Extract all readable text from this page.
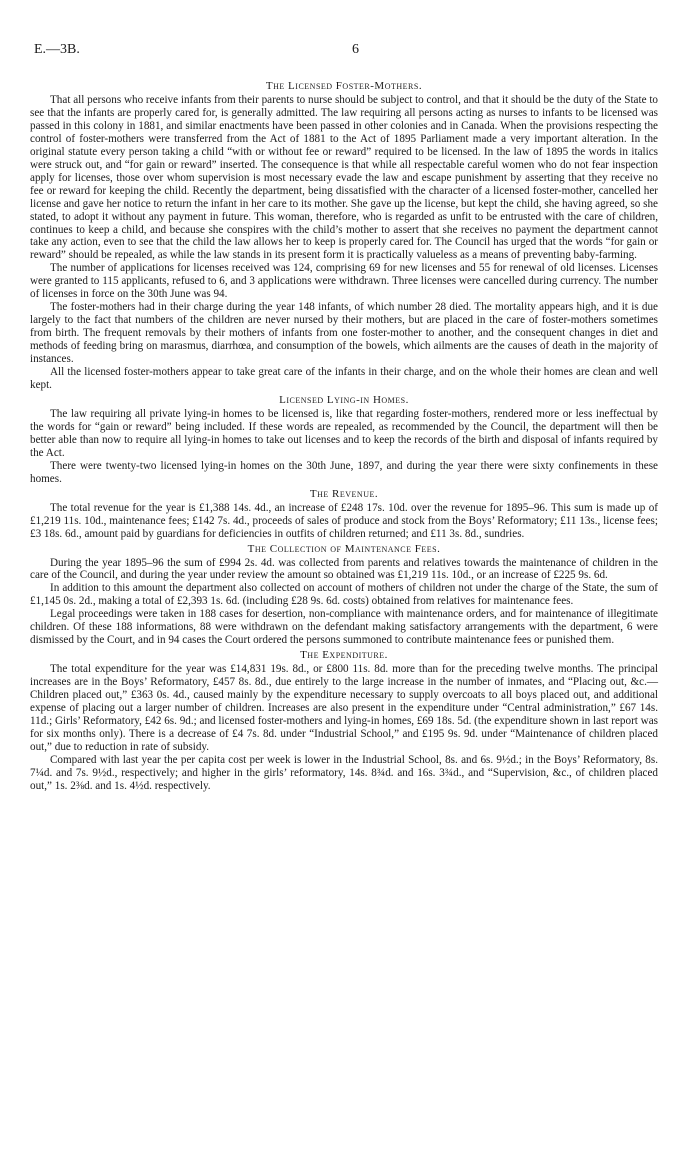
E.—3B.	6
The Licensed Foster-Mothers.

That all persons who receive infants from their parents to nurse should be subject to control, and that it should be the duty of the State to see that the infants are properly cared for, is generally admitted. The law requiring all persons acting as nurses to infants to be licensed was passed in this colony in 1881, and similar enactments have been passed in other colonies and in Canada. When the provisions respecting the control of foster-mothers were transferred from the Act of 1881 to the Act of 1895 Parliament made a very important alteration. In the original statute every person taking a child “with or without fee or reward” required to be licensed. In the law of 1895 the words in italics were struck out, and “for gain or reward” inserted. The consequence is that while all respectable careful women who do not fear inspection apply for licenses, those over whom supervision is most necessary evade the law and escape punishment by asserting that they receive no fee or reward for keeping the child. Recently the department, being dissatisfied with the character of a licensed foster-mother, cancelled her license and gave her notice to return the infant in her care to its mother. She gave up the license, but kept the child, she having agreed, so she stated, to adopt it without any payment in future. This woman, therefore, who is regarded as unfit to be entrusted with the care of children, continues to keep a child, and because she conspires with the child’s mother to assert that she receives no payment the department cannot take any action, even to see that the child the law allows her to keep is properly cared for. The Council has urged that the words “for gain or reward” should be repealed, as while the law stands in its present form it is practically valueless as a means of preventing baby-farming.

The number of applications for licenses received was 124, comprising 69 for new licenses and 55 for renewal of old licenses. Licenses were granted to 115 applicants, refused to 6, and 3 applications were withdrawn. Three licenses were cancelled during currency. The number of licenses in force on the 30th June was 94.

The foster-mothers had in their charge during the year 148 infants, of which number 28 died. The mortality appears high, and it is due largely to the fact that numbers of the children are never nursed by their mothers, but are placed in the care of foster-mothers sometimes from birth. The frequent removals by their mothers of infants from one foster-mother to another, and the consequent changes in diet and methods of feeding bring on marasmus, diarrhœa, and consumption of the bowels, which ailments are the causes of death in the majority of instances.

All the licensed foster-mothers appear to take great care of the infants in their charge, and on the whole their homes are clean and well kept.

Licensed Lying-in Homes.

The law requiring all private lying-in homes to be licensed is, like that regarding foster-mothers, rendered more or less ineffectual by the words for “gain or reward” being included. If these words are repealed, as recommended by the Council, the department will then be better able than now to require all lying-in homes to take out licenses and to keep the records of the birth and disposal of infants required by the Act.

There were twenty-two licensed lying-in homes on the 30th June, 1897, and during the year there were sixty confinements in these homes.

The Revenue.

The total revenue for the year is £1,388 14s. 4d., an increase of £248 17s. 10d. over the revenue for 1895–96. This sum is made up of £1,219 11s. 10d., maintenance fees; £142 7s. 4d., proceeds of sales of produce and stock from the Boys’ Reformatory; £11 13s., license fees; £3 18s. 6d., amount paid by guardians for deficiencies in outfits of children returned; and £11 3s. 8d., sundries.

The Collection of Maintenance Fees.

During the year 1895–96 the sum of £994 2s. 4d. was collected from parents and relatives towards the maintenance of children in the care of the Council, and during the year under review the amount so obtained was £1,219 11s. 10d., or an increase of £225 9s. 6d.

In addition to this amount the department also collected on account of mothers of children not under the charge of the State, the sum of £1,145 0s. 2d., making a total of £2,393 1s. 6d. (including £28 9s. 6d. costs) obtained from relatives for maintenance fees.

Legal proceedings were taken in 188 cases for desertion, non-compliance with maintenance orders, and for maintenance of illegitimate children. Of these 188 informations, 88 were withdrawn on the defendant making satisfactory arrangements with the department, 6 were dismissed by the Court, and in 94 cases the Court ordered the persons summoned to contribute maintenance fees or punished them.

The Expenditure.

The total expenditure for the year was £14,831 19s. 8d., or £800 11s. 8d. more than for the preceding twelve months. The principal increases are in the Boys’ Reformatory, £457 8s. 8d., due entirely to the large increase in the number of inmates, and “Placing out, &c.—Children placed out,” £363 0s. 4d., caused mainly by the expenditure necessary to supply overcoats to all boys placed out, and additional expense of placing out a larger number of children. Increases are also present in the expenditure under “Central administration,” £67 14s. 11d.; Girls’ Reformatory, £42 6s. 9d.; and licensed foster-mothers and lying-in homes, £69 18s. 5d. (the expenditure shown in last report was for six months only). There is a decrease of £4 7s. 8d. under “Industrial School,” and £195 9s. 9d. under “Maintenance of children placed out,” due to reduction in rate of subsidy.

Compared with last year the per capita cost per week is lower in the Industrial School, 8s. and 6s. 9½d.; in the Boys’ Reformatory, 8s. 7¼d. and 7s. 9½d., respectively; and higher in the girls’ reformatory, 14s. 8¾d. and 16s. 3¾d., and “Supervision, &c., of children placed out,” 1s. 2⅜d. and 1s. 4½d. respectively.
